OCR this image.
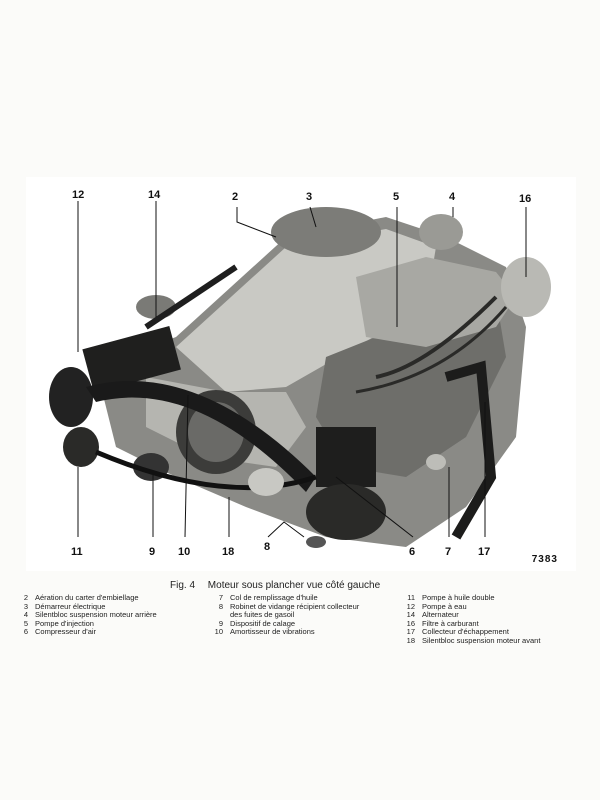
12	14	2	3	5	4	16
11	9 10	18	8	6	7 17
7383
Fig. 4 Moteur sous plancher vue côté gauche
2 Aération du carter d'embiellage
3 Démarreur électrique
4 Silentbloc suspension moteur arrière
5 Pompe d'injection
6 Compresseur d'air
7 Col de remplissage d'huile
8 Robinet de vidange récipient collecteur
des fuites de gasoil
9 Dispositif de calage
10 Amortisseur de vibrations
11 Pompe à huile double
12 Pompe à eau
14 Alternateur
16 Filtre à carburant
17 Collecteur d'échappement
18 Silentbloc suspension moteur avant
